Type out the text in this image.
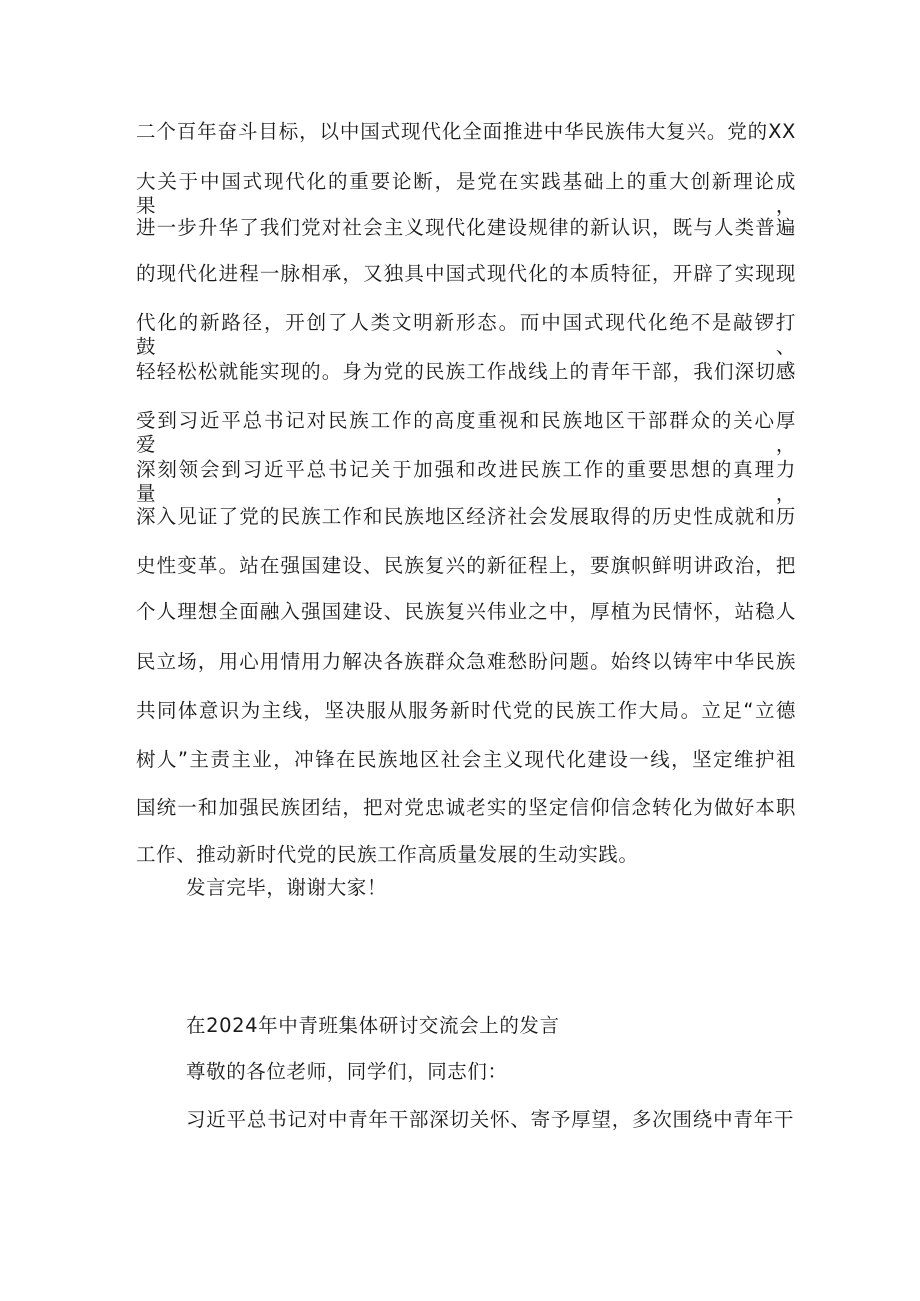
二个百年奋斗目标，以中国式现代化全面推进中华民族伟大复兴。党的XX
大关于中国式现代化的重要论断，是党在实践基础上的重大创新理论成果，
进一步升华了我们党对社会主义现代化建设规律的新认识，既与人类普遍
的现代化进程一脉相承，又独具中国式现代化的本质特征，开辟了实现现
代化的新路径，开创了人类文明新形态。而中国式现代化绝不是敲锣打鼓、
轻轻松松就能实现的。身为党的民族工作战线上的青年干部，我们深切感
受到习近平总书记对民族工作的高度重视和民族地区干部群众的关心厚爱，
深刻领会到习近平总书记关于加强和改进民族工作的重要思想的真理力量，
深入见证了党的民族工作和民族地区经济社会发展取得的历史性成就和历
史性变革。站在强国建设、民族复兴的新征程上，要旗帜鲜明讲政治，把
个人理想全面融入强国建设、民族复兴伟业之中，厚植为民情怀，站稳人
民立场，用心用情用力解决各族群众急难愁盼问题。始终以铸牢中华民族
共同体意识为主线，坚决服从服务新时代党的民族工作大局。立足“立德
树人”主责主业，冲锋在民族地区社会主义现代化建设一线，坚定维护祖
国统一和加强民族团结，把对党忠诚老实的坚定信仰信念转化为做好本职
工作、推动新时代党的民族工作高质量发展的生动实践。
发言完毕，谢谢大家！
在2024年中青班集体研讨交流会上的发言
尊敬的各位老师，同学们，同志们：
习近平总书记对中青年干部深切关怀、寄予厚望，多次围绕中青年干
